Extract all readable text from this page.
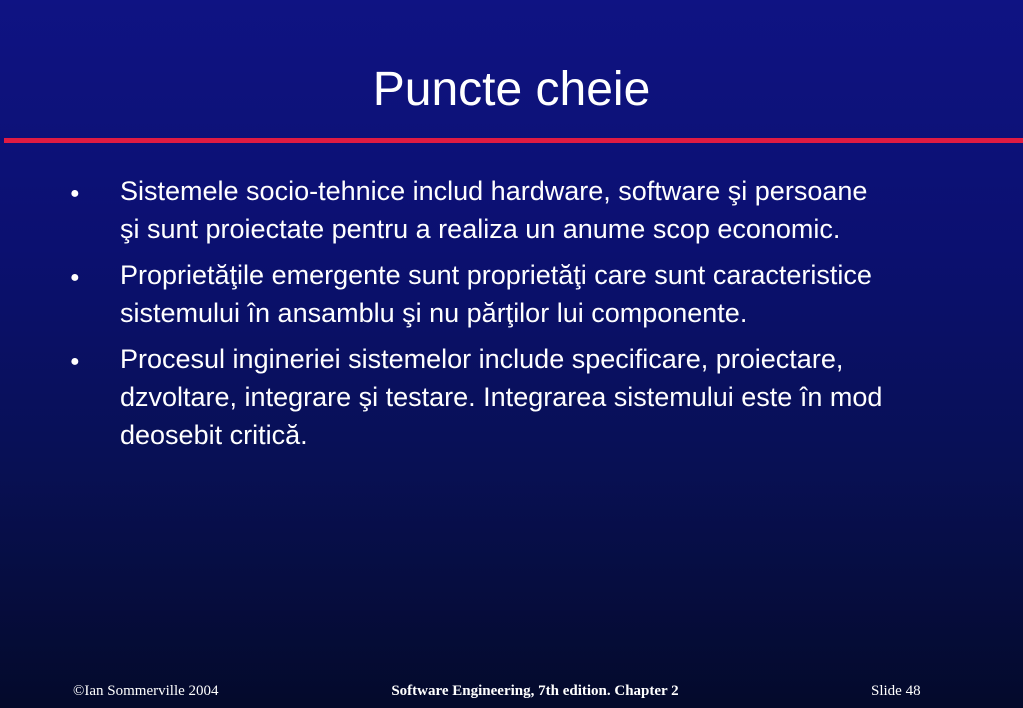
Puncte cheie
● Sistemele socio-tehnice includ hardware, software şi persoane şi sunt proiectate pentru a realiza un anume scop economic.
● Proprietăţile emergente sunt proprietăţi care sunt caracteristice sistemului în ansamblu şi nu părţilor lui componente.
● Procesul ingineriei sistemelor include specificare, proiectare, dzvoltare, integrare şi testare. Integrarea sistemului este în mod deosebit critică.
©Ian Sommerville 2004	Software Engineering, 7th edition. Chapter 2	Slide 48
